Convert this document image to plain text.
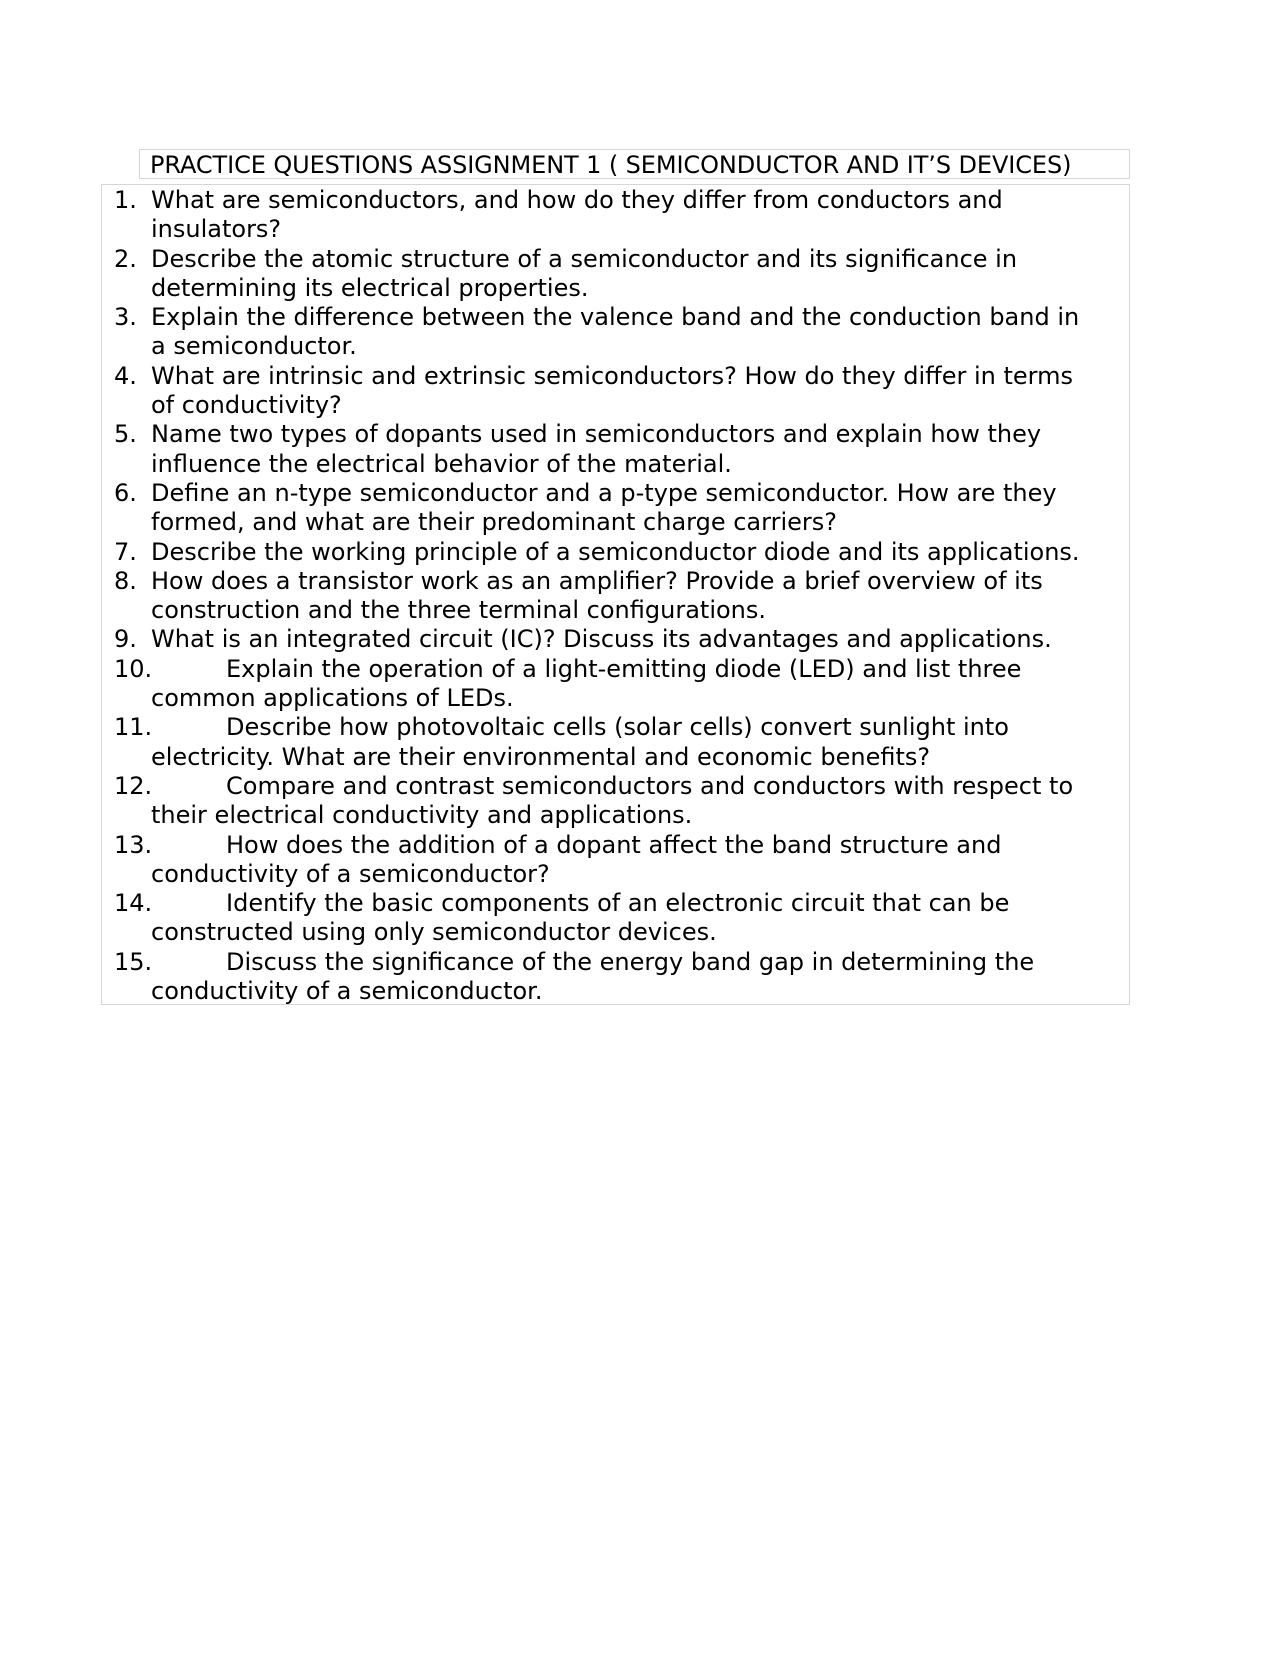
PRACTICE QUESTIONS ASSIGNMENT 1 ( SEMICONDUCTOR AND IT’S DEVICES)
1. What are semiconductors, and how do they differ from conductors and
insulators?
2. Describe the atomic structure of a semiconductor and its significance in
determining its electrical properties.
3. Explain the difference between the valence band and the conduction band in
a semiconductor.
4. What are intrinsic and extrinsic semiconductors? How do they differ in terms
of conductivity?
5. Name two types of dopants used in semiconductors and explain how they
influence the electrical behavior of the material.
6. Define an n-type semiconductor and a p-type semiconductor. How are they
formed, and what are their predominant charge carriers?
7. Describe the working principle of a semiconductor diode and its applications.
8. How does a transistor work as an amplifier? Provide a brief overview of its
construction and the three terminal configurations.
9. What is an integrated circuit (IC)? Discuss its advantages and applications.
10.	Explain the operation of a light-emitting diode (LED) and list three
common applications of LEDs.
11.	Describe how photovoltaic cells (solar cells) convert sunlight into
electricity. What are their environmental and economic benefits?
12.	Compare and contrast semiconductors and conductors with respect to
their electrical conductivity and applications.
13.	How does the addition of a dopant affect the band structure and
conductivity of a semiconductor?
14.	Identify the basic components of an electronic circuit that can be
constructed using only semiconductor devices.
15.	Discuss the significance of the energy band gap in determining the
conductivity of a semiconductor.
